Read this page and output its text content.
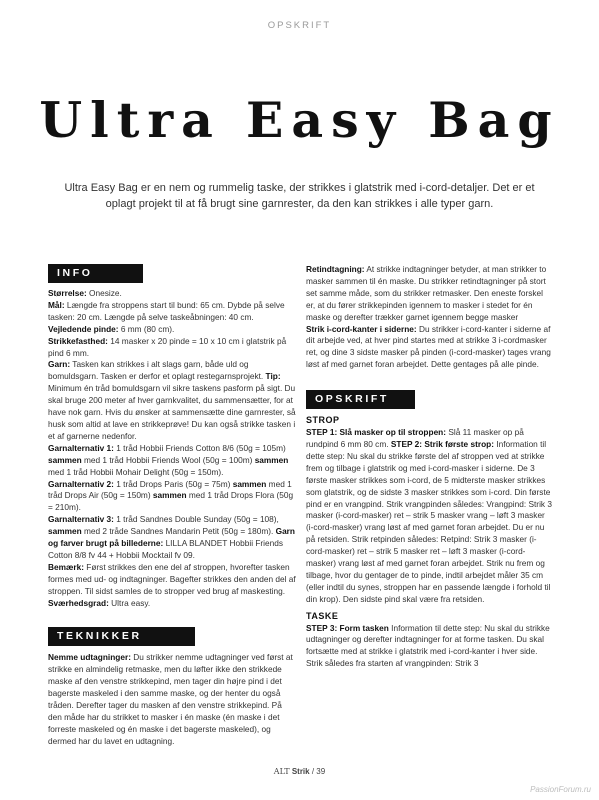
OPSKRIFT
Ultra Easy Bag
Ultra Easy Bag er en nem og rummelig taske, der strikkes i glatstrik med i-cord-detaljer. Det er et oplagt projekt til at få brugt sine garnrester, da den kan strikkes i alle typer garn.
INFO

Størrelse: Onesize.

Mål: Længde fra stroppens start til bund: 65 cm. Dybde på selve tasken: 20 cm. Længde på selve taskeåbningen: 40 cm.

Vejledende pinde: 6 mm (80 cm).

Strikkefasthed: 14 masker x 20 pinde = 10 x 10 cm i glatstrik på pind 6 mm.

Garn: Tasken kan strikkes i alt slags garn, både uld og bomuldsgarn. Tasken er derfor et oplagt restegarnsprojekt. Tip: Minimum én tråd bomuldsgarn vil sikre taskens pasform på sigt. Du skal bruge 200 meter af hver garnkvalitet, du sammensætter, for at have nok garn. Hvis du ønsker at sammensætte dine garnrester, så husk som altid at lave en strikkeprøve! Du kan også strikke tasken i et af garnerne nedenfor.

Garnalternativ 1: 1 tråd Hobbii Friends Cotton 8/6 (50g = 105m) sammen med 1 tråd Hobbii Friends Wool (50g = 100m) sammen med 1 tråd Hobbii Mohair Delight (50g = 150m).

Garnalternativ 2: 1 tråd Drops Paris (50g = 75m) sammen med 1 tråd Drops Air (50g = 150m) sammen med 1 tråd Drops Flora (50g = 210m).

Garnalternativ 3: 1 tråd Sandnes Double Sunday (50g = 108), sammen med 2 tråde Sandnes Mandarin Petit (50g = 180m). Garn og farver brugt på billederne: LILLA BLANDET Hobbii Friends Cotton 8/8 fv 44 + Hobbii Mocktail fv 09.

Bemærk: Først strikkes den ene del af stroppen, hvorefter tasken formes med ud- og indtagninger. Bagefter strikkes den anden del af stroppen. Til sidst samles de to stropper ved brug af maskesting.

Sværhedsgrad: Ultra easy.

TEKNIKKER

Nemme udtagninger: Du strikker nemme udtagninger ved først at strikke en almindelig retmaske, men du løfter ikke den strikkede maske af den venstre strikkepind, men tager din højre pind i det bagerste maskeled i den samme maske, og der henter du også tråden. Derefter tager du masken af den venstre strikkepind. På den måde har du strikket to masker i én maske (én maske i det forreste maskeled og én maske i det bagerste maskeled), og dermed har du lavet en udtagning.

Retindtagning: At strikke indtagninger betyder, at man strikker to masker sammen til én maske. Du strikker retindtagninger på stort set samme måde, som du strikker retmasker. Den eneste forskel er, at du fører strikkepinden igennem to masker i stedet for én maske og derefter trækker garnet igennem begge masker

Strik i-cord-kanter i siderne: Du strikker i-cord-kanter i siderne af dit arbejde ved, at hver pind startes med at strikke 3 i-cordmasker ret, og dine 3 sidste masker på pinden (i-cord-masker) tages vrang løst af med garnet foran arbejdet. Dette gentages på alle pinde.

OPSKRIFT
STROP

STEP 1: Slå masker op til stroppen: Slå 11 masker op på rundpind 6 mm 80 cm. STEP 2: Strik første strop: Information til dette step: Nu skal du strikke første del af stroppen ved at strikke frem og tilbage i glatstrik og med i-cord-masker i siderne. De 3 første masker strikkes som i-cord, de 5 midterste masker strikkes som glatstrik, og de sidste 3 masker strikkes som i-cord. Din første pind er en vrangpind. Strik vrangpinden således: Vrangpind: Strik 3 masker (i-cord-masker) ret – strik 5 masker vrang – løft 3 masker (i-cord-masker) vrang løst af med garnet foran arbejdet. Du er nu på retsiden. Strik retpinden således: Retpind: Strik 3 masker (i-cord-masker) ret – strik 5 masker ret – løft 3 masker (i-cord-masker) vrang løst af med garnet foran arbejdet. Strik nu frem og tilbage, hvor du gentager de to pinde, indtil arbejdet måler 35 cm (eller indtil du synes, stroppen har en passende længde i forhold til din krop). Den sidste pind skal være fra retsiden.

TASKE

STEP 3: Form tasken Information til dette step: Nu skal du strikke udtagninger og derefter indtagninger for at forme tasken. Du skal fortsætte med at strikke i glatstrik med i-cord-kanter i hver side. Strik således fra starten af vrangpinden: Strik 3

ALT Strik / 39
PassionForum.ru
